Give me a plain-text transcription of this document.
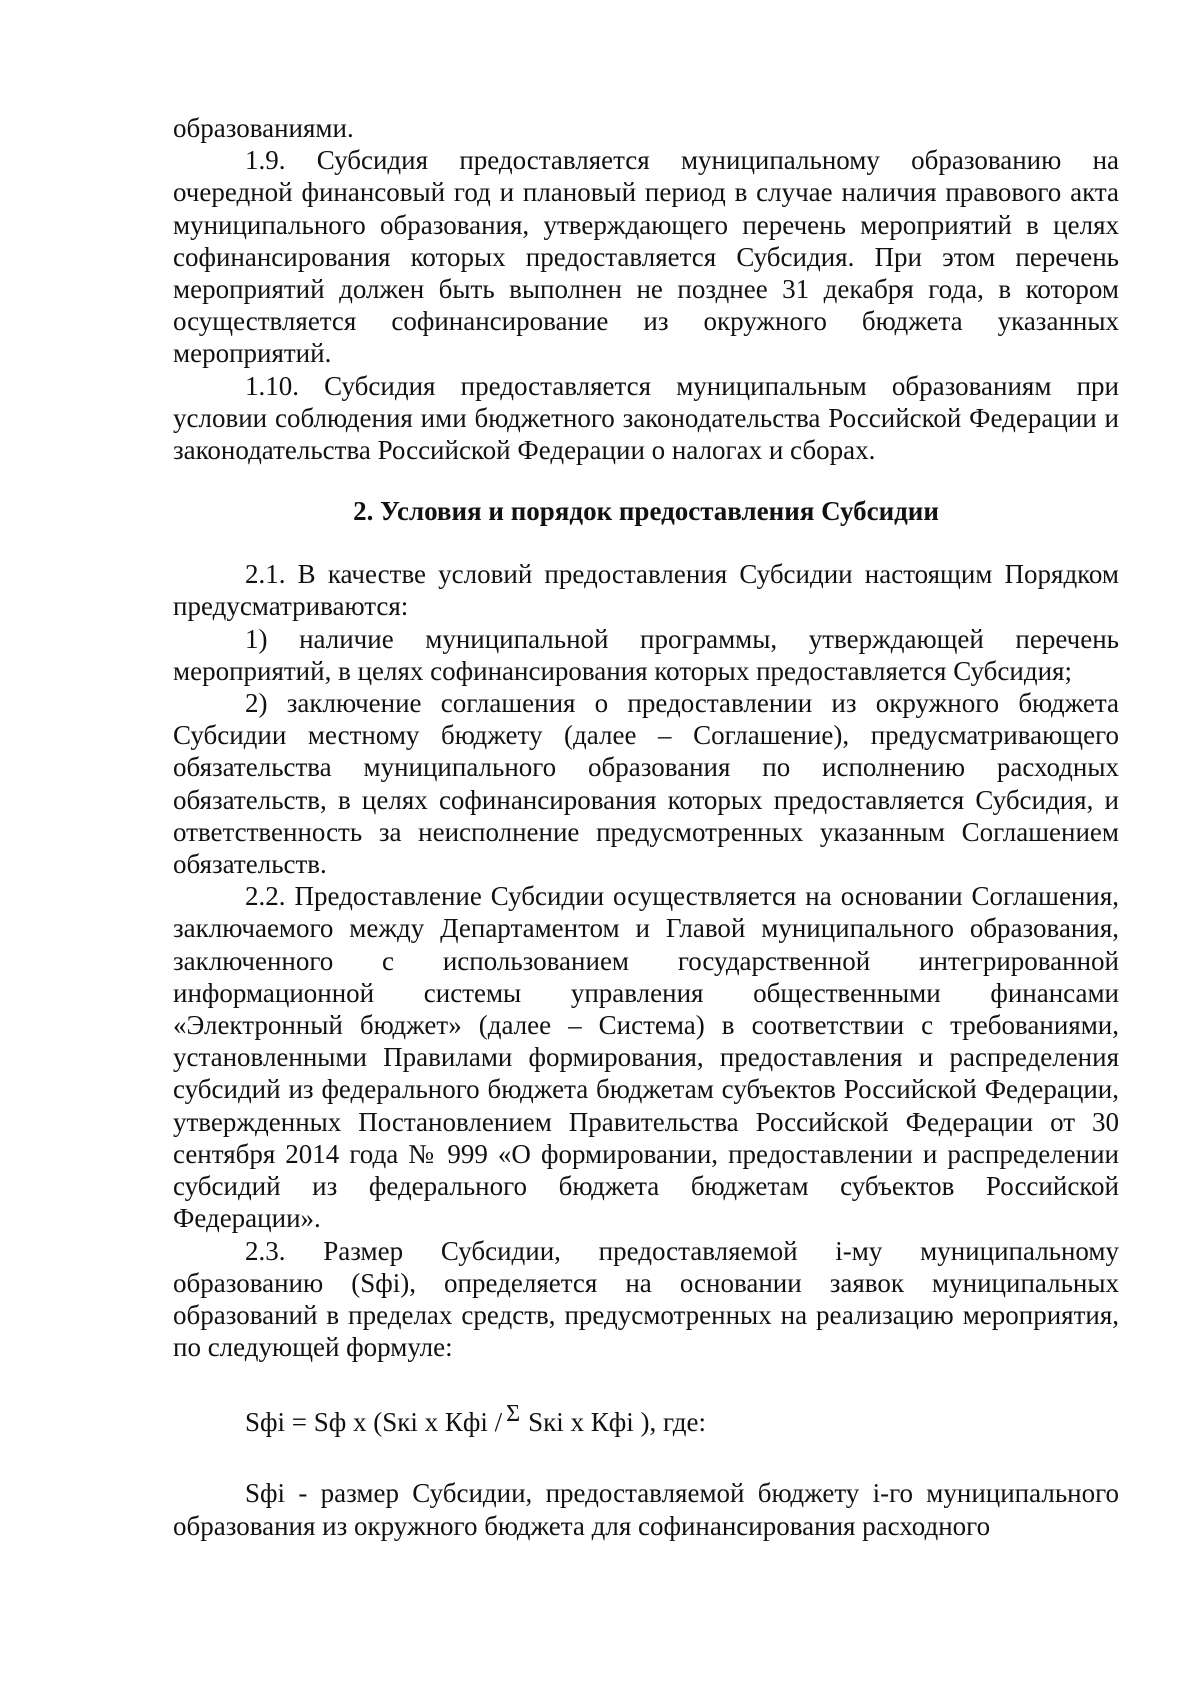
образованиями.

1.9. Субсидия предоставляется муниципальному образованию на очередной финансовый год и плановый период в случае наличия правового акта муниципального образования, утверждающего перечень мероприятий в целях софинансирования которых предоставляется Субсидия. При этом перечень мероприятий должен быть выполнен не позднее 31 декабря года, в котором осуществляется софинансирование из окружного бюджета указанных мероприятий.

1.10. Субсидия предоставляется муниципальным образованиям при условии соблюдения ими бюджетного законодательства Российской Федерации и законодательства Российской Федерации о налогах и сборах.

2. Условия и порядок предоставления Субсидии

2.1. В качестве условий предоставления Субсидии настоящим Порядком предусматриваются:

1) наличие муниципальной программы, утверждающей перечень мероприятий, в целях софинансирования которых предоставляется Субсидия;

2) заключение соглашения о предоставлении из окружного бюджета Субсидии местному бюджету (далее – Соглашение), предусматривающего обязательства муниципального образования по исполнению расходных обязательств, в целях софинансирования которых предоставляется Субсидия, и ответственность за неисполнение предусмотренных указанным Соглашением обязательств.

2.2. Предоставление Субсидии осуществляется на основании Соглашения, заключаемого между Департаментом и Главой муниципального образования, заключенного с использованием государственной интегрированной информационной системы управления общественными финансами «Электронный бюджет» (далее – Система) в соответствии с требованиями, установленными Правилами формирования, предоставления и распределения субсидий из федерального бюджета бюджетам субъектов Российской Федерации, утвержденных Постановлением Правительства Российской Федерации от 30 сентября 2014 года № 999 «О формировании, предоставлении и распределении субсидий из федерального бюджета бюджетам субъектов Российской Федерации».

2.3. Размер Субсидии, предоставляемой i-му муниципальному образованию (Sфi), определяется на основании заявок муниципальных образований в пределах средств, предусмотренных на реализацию мероприятия, по следующей формуле:

Sфi = Sф х (Sкi х Кфi / Σ Sкi х Кфi ), где:

Sфi - размер Субсидии, предоставляемой бюджету i-го муниципального образования из окружного бюджета для софинансирования расходного
